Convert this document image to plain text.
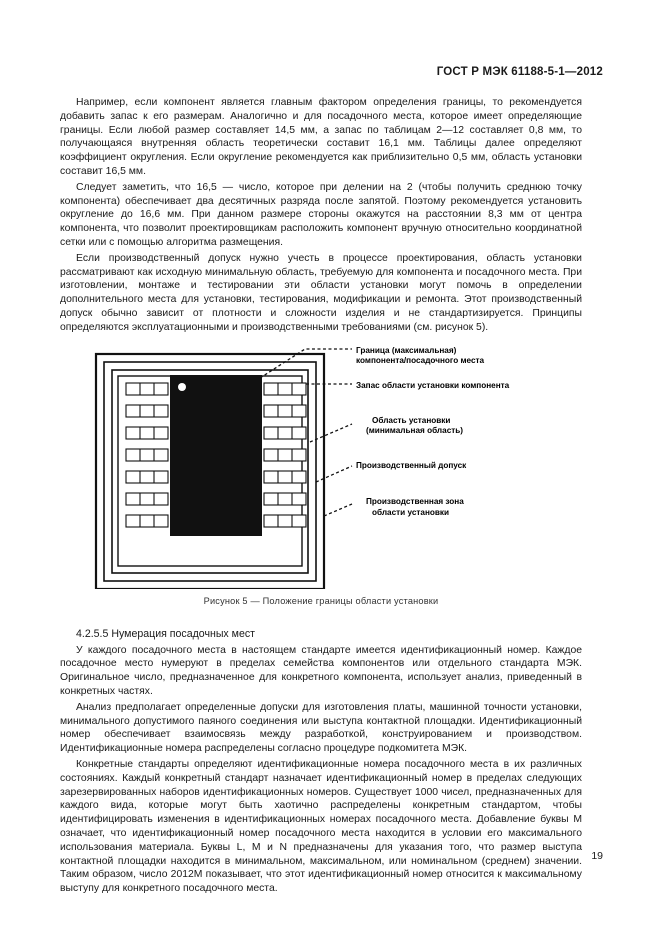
ГОСТ Р МЭК 61188-5-1—2012

Например, если компонент является главным фактором определения границы, то рекомендуется добавить запас к его размерам. Аналогично и для посадочного места, которое имеет определяющие границы. Если любой размер составляет 14,5 мм, а запас по таблицам 2—12 составляет 0,8 мм, то получающаяся внутренняя область теоретически составит 16,1 мм. Таблицы далее определяют коэффициент округления. Если округление рекомендуется как приблизительно 0,5 мм, область установки составит 16,5 мм.

Следует заметить, что 16,5 — число, которое при делении на 2 (чтобы получить среднюю точку компонента) обеспечивает два десятичных разряда после запятой. Поэтому рекомендуется установить округление до 16,6 мм. При данном размере стороны окажутся на расстоянии 8,3 мм от центра компонента, что позволит проектировщикам расположить компонент вручную относительно координатной сетки или с помощью алгоритма размещения.

Если производственный допуск нужно учесть в процессе проектирования, область установки рассматривают как исходную минимальную область, требуемую для компонента и посадочного места. При изготовлении, монтаже и тестировании эти области установки могут помочь в определении дополнительного места для установки, тестирования, модификации и ремонта. Этот производственный допуск обычно зависит от плотности и сложности изделия и не стандартизируется. Принципы определяются эксплуатационными и производственными требованиями (см. рисунок 5).

Граница (максимальная)
компонента/посадочного места
Запас области установки компонента
Область установки
(минимальная область)
Производственный допуск
Производственная зона
области установки
Рисунок 5 — Положение границы области установки
4.2.5.5 Нумерация посадочных мест

У каждого посадочного места в настоящем стандарте имеется идентификационный номер. Каждое посадочное место нумеруют в пределах семейства компонентов или отдельного стандарта МЭК. Оригинальное число, предназначенное для конкретного компонента, использует анализ, приведенный в конкретных частях.

Анализ предполагает определенные допуски для изготовления платы, машинной точности установки, минимального допустимого паяного соединения или выступа контактной площадки. Идентификационный номер обеспечивает взаимосвязь между разработкой, конструированием и производством. Идентификационные номера распределены согласно процедуре подкомитета МЭК.

Конкретные стандарты определяют идентификационные номера посадочного места в их различных состояниях. Каждый конкретный стандарт назначает идентификационный номер в пределах следующих зарезервированных наборов идентификационных номеров. Существует 1000 чисел, предназначенных для каждого вида, которые могут быть хаотично распределены конкретным стандартом, чтобы идентифицировать изменения в идентификационных номерах посадочного места. Добавление буквы M означает, что идентификационный номер посадочного места находится в условии его максимального использования материала. Буквы L, M и N предназначены для указания того, что размер выступа контактной площадки находится в минимальном, максимальном, или номинальном (среднем) значении. Таким образом, число 2012M показывает, что этот идентификационный номер относится к максимальному выступу для конкретного посадочного места.

19
